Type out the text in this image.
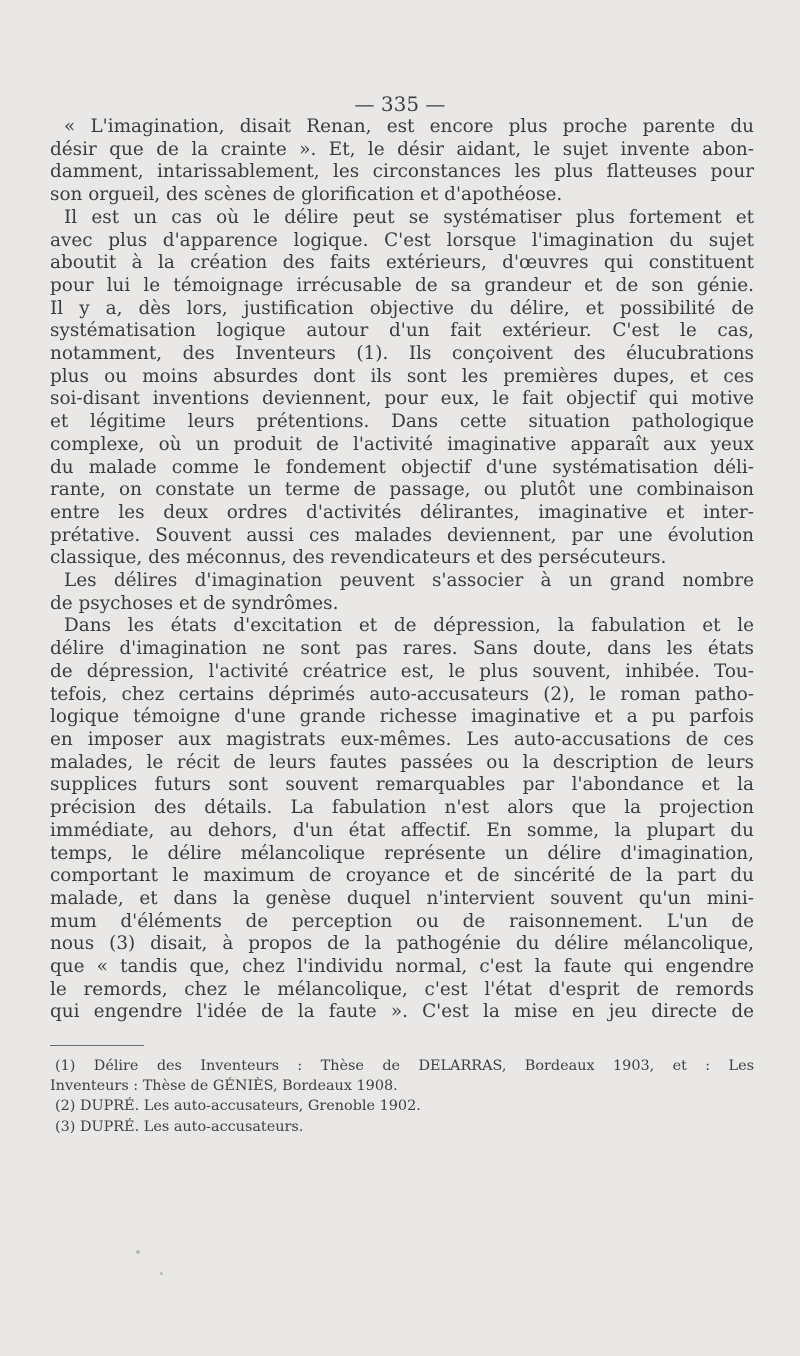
— 335 —
« L'imagination, disait Renan, est encore plus proche parente du
désir que de la crainte ». Et, le désir aidant, le sujet invente abon-
damment, intarissablement, les circonstances les plus flatteuses pour
son orgueil, des scènes de glorification et d'apothéose.
Il est un cas où le délire peut se systématiser plus fortement et
avec plus d'apparence logique. C'est lorsque l'imagination du sujet
aboutit à la création des faits extérieurs, d'œuvres qui constituent
pour lui le témoignage irrécusable de sa grandeur et de son génie.
Il y a, dès lors, justification objective du délire, et possibilité de
systématisation logique autour d'un fait extérieur. C'est le cas,
notamment, des Inventeurs (1). Ils conçoivent des élucubrations
plus ou moins absurdes dont ils sont les premières dupes, et ces
soi-disant inventions deviennent, pour eux, le fait objectif qui motive
et légitime leurs prétentions. Dans cette situation pathologique
complexe, où un produit de l'activité imaginative apparaît aux yeux
du malade comme le fondement objectif d'une systématisation déli-
rante, on constate un terme de passage, ou plutôt une combinaison
entre les deux ordres d'activités délirantes, imaginative et inter-
prétative. Souvent aussi ces malades deviennent, par une évolution
classique, des méconnus, des revendicateurs et des persécuteurs.
Les délires d'imagination peuvent s'associer à un grand nombre
de psychoses et de syndrômes.
Dans les états d'excitation et de dépression, la fabulation et le
délire d'imagination ne sont pas rares. Sans doute, dans les états
de dépression, l'activité créatrice est, le plus souvent, inhibée. Tou-
tefois, chez certains déprimés auto-accusateurs (2), le roman patho-
logique témoigne d'une grande richesse imaginative et a pu parfois
en imposer aux magistrats eux-mêmes. Les auto-accusations de ces
malades, le récit de leurs fautes passées ou la description de leurs
supplices futurs sont souvent remarquables par l'abondance et la
précision des détails. La fabulation n'est alors que la projection
immédiate, au dehors, d'un état affectif. En somme, la plupart du
temps, le délire mélancolique représente un délire d'imagination,
comportant le maximum de croyance et de sincérité de la part du
malade, et dans la genèse duquel n'intervient souvent qu'un mini-
mum d'éléments de perception ou de raisonnement. L'un de
nous (3) disait, à propos de la pathogénie du délire mélancolique,
que « tandis que, chez l'individu normal, c'est la faute qui engendre
le remords, chez le mélancolique, c'est l'état d'esprit de remords
qui engendre l'idée de la faute ». C'est la mise en jeu directe de
(1) Délire des Inventeurs : Thèse de DELARRAS, Bordeaux 1903, et : Les
Inventeurs : Thèse de GÉNIÈS, Bordeaux 1908.
(2) DUPRÉ. Les auto-accusateurs, Grenoble 1902.
(3) DUPRÉ. Les auto-accusateurs.
